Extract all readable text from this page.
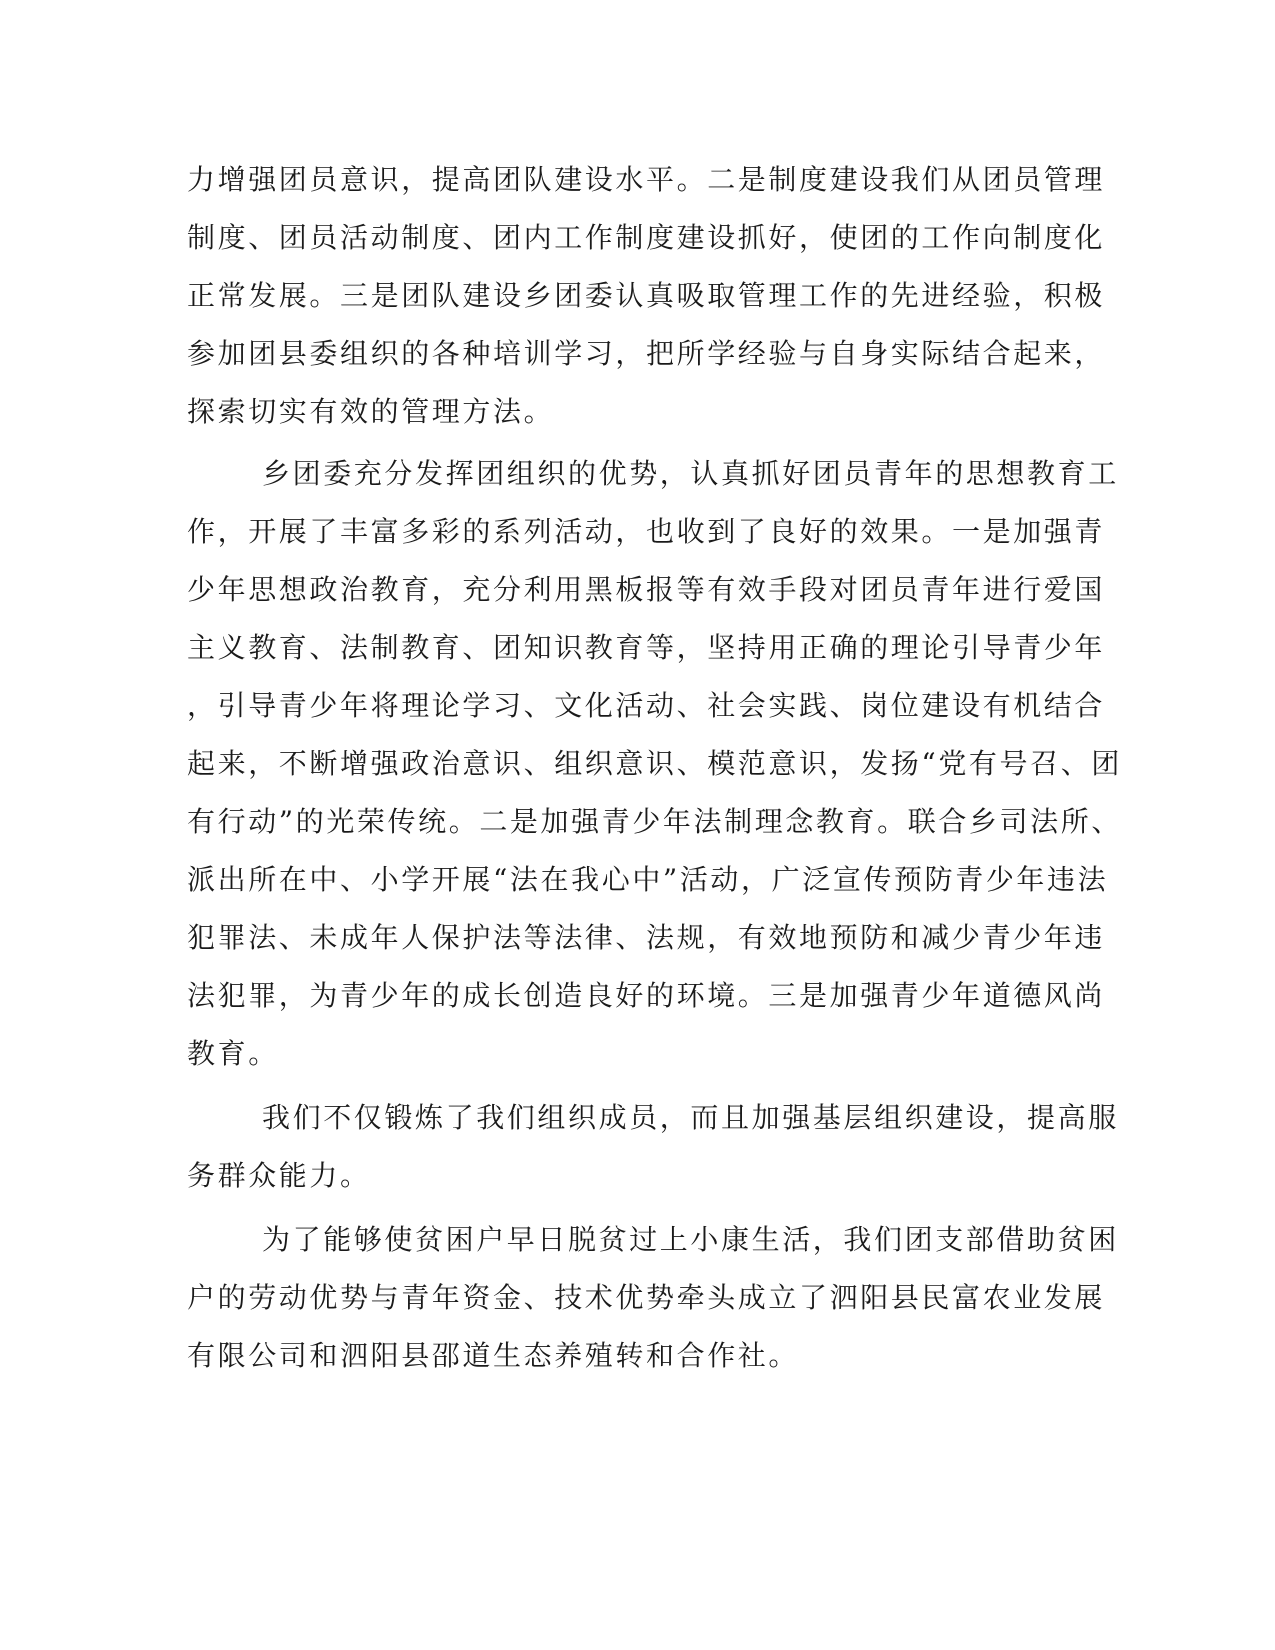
力增强团员意识，提高团队建设水平。二是制度建设我们从团员管理
制度、团员活动制度、团内工作制度建设抓好，使团的工作向制度化
正常发展。三是团队建设乡团委认真吸取管理工作的先进经验，积极
参加团县委组织的各种培训学习，把所学经验与自身实际结合起来，
探索切实有效的管理方法。
乡团委充分发挥团组织的优势，认真抓好团员青年的思想教育工
作，开展了丰富多彩的系列活动，也收到了良好的效果。一是加强青
少年思想政治教育，充分利用黑板报等有效手段对团员青年进行爱国
主义教育、法制教育、团知识教育等，坚持用正确的理论引导青少年
，引导青少年将理论学习、文化活动、社会实践、岗位建设有机结合
起来，不断增强政治意识、组织意识、模范意识，发扬“党有号召、团
有行动”的光荣传统。二是加强青少年法制理念教育。联合乡司法所、
派出所在中、小学开展“法在我心中”活动，广泛宣传预防青少年违法
犯罪法、未成年人保护法等法律、法规，有效地预防和减少青少年违
法犯罪，为青少年的成长创造良好的环境。三是加强青少年道德风尚
教育。
我们不仅锻炼了我们组织成员，而且加强基层组织建设，提高服
务群众能力。
为了能够使贫困户早日脱贫过上小康生活，我们团支部借助贫困
户的劳动优势与青年资金、技术优势牵头成立了泗阳县民富农业发展
有限公司和泗阳县邵道生态养殖转和合作社。
